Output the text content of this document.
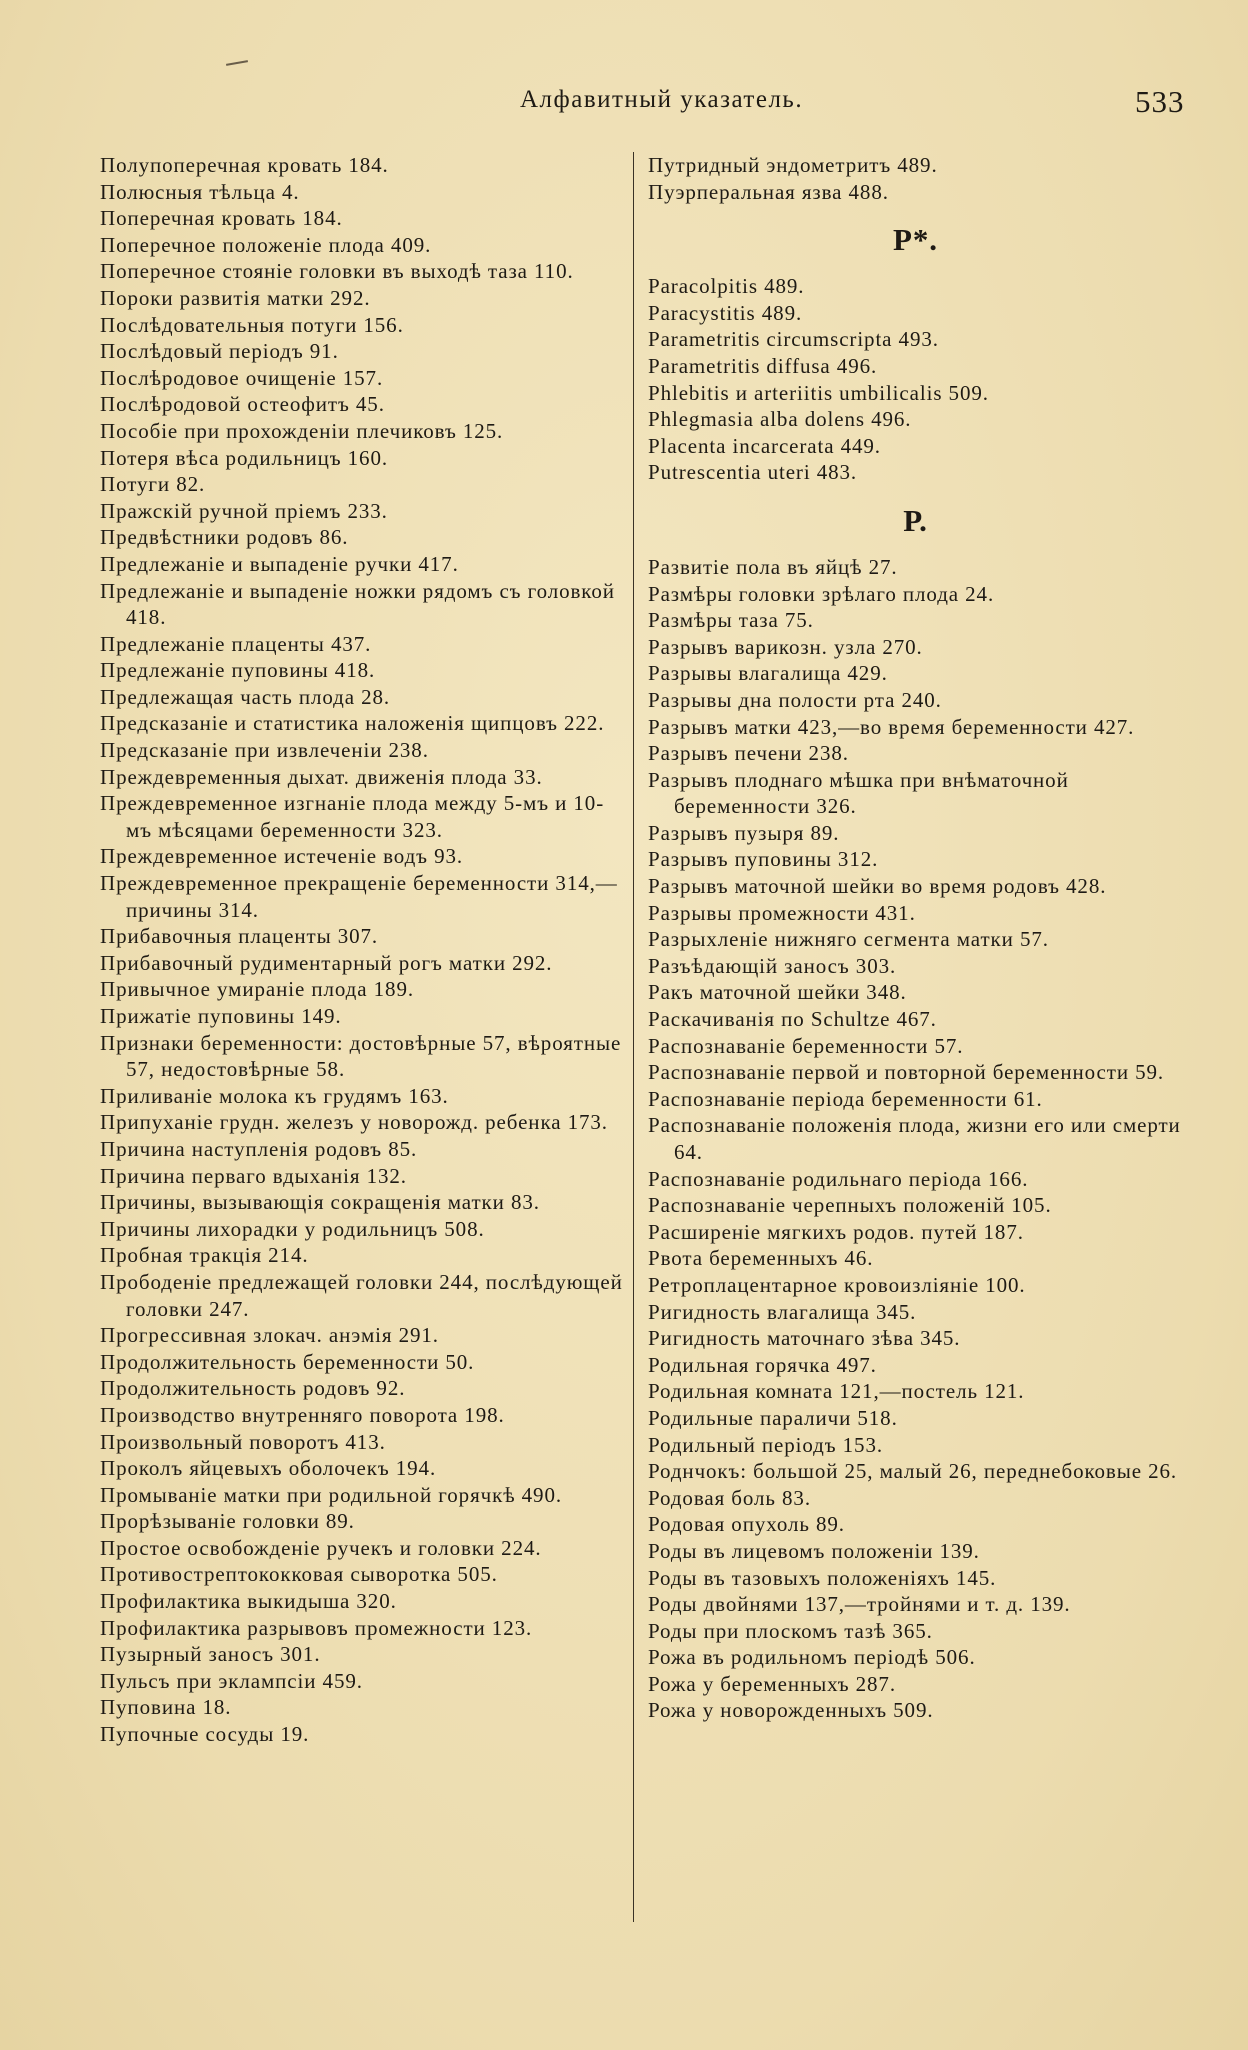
Алфавитный указатель.	533
Полупоперечная кровать 184.
Полюсныя тѣльца 4.
Поперечная кровать 184.
Поперечное положеніе плода 409.
Поперечное стояніе головки въ выходѣ таза 110.
Пороки развитія матки 292.
Послѣдовательныя потуги 156.
Послѣдовый періодъ 91.
Послѣродовое очищеніе 157.
Послѣродовой остеофитъ 45.
Пособіе при прохожденіи плечиковъ 125.
Потеря вѣса родильницъ 160.
Потуги 82.
Пражскій ручной пріемъ 233.
Предвѣстники родовъ 86.
Предлежаніе и выпаденіе ручки 417.
Предлежаніе и выпаденіе ножки рядомъ съ головкой 418.
Предлежаніе плаценты 437.
Предлежаніе пуповины 418.
Предлежащая часть плода 28.
Предсказаніе и статистика наложенія щипцовъ 222.
Предсказаніе при извлеченіи 238.
Преждевременныя дыхат. движенія плода 33.
Преждевременное изгнаніе плода между 5-мъ и 10-мъ мѣсяцами беременности 323.
Преждевременное истеченіе водъ 93.
Преждевременное прекращеніе беременности 314,—причины 314.
Прибавочныя плаценты 307.
Прибавочный рудиментарный рогъ матки 292.
Привычное умираніе плода 189.
Прижатіе пуповины 149.
Признаки беременности: достовѣрные 57, вѣроятные 57, недостовѣрные 58.
Приливаніе молока къ грудямъ 163.
Припуханіе грудн. железъ у новорожд. ребенка 173.
Причина наступленія родовъ 85.
Причина перваго вдыханія 132.
Причины, вызывающія сокращенія матки 83.
Причины лихорадки у родильницъ 508.
Пробная тракція 214.
Прободеніе предлежащей головки 244, послѣдующей головки 247.
Прогрессивная злокач. анэмія 291.
Продолжительность беременности 50.
Продолжительность родовъ 92.
Производство внутренняго поворота 198.
Произвольный поворотъ 413.
Проколъ яйцевыхъ оболочекъ 194.
Промываніе матки при родильной горячкѣ 490.
Прорѣзываніе головки 89.
Простое освобожденіе ручекъ и головки 224.
Противострептококковая сыворотка 505.
Профилактика выкидыша 320.
Профилактика разрывовъ промежности 123.
Пузырный заносъ 301.
Пульсъ при эклампсіи 459.
Пуповина 18.
Пупочные сосуды 19.
Путридный эндометритъ 489.
Пуэрперальная язва 488.
P*.
Paracolpitis 489.
Paracystitis 489.
Parametritis circumscripta 493.
Parametritis diffusa 496.
Phlebitis и arteriitis umbilicalis 509.
Phlegmasia alba dolens 496.
Placenta incarcerata 449.
Putrescentia uteri 483.
Р.
Развитіе пола въ яйцѣ 27.
Размѣры головки зрѣлаго плода 24.
Размѣры таза 75.
Разрывъ варикозн. узла 270.
Разрывы влагалища 429.
Разрывы дна полости рта 240.
Разрывъ матки 423,—во время беременности 427.
Разрывъ печени 238.
Разрывъ плоднаго мѣшка при внѣматочной беременности 326.
Разрывъ пузыря 89.
Разрывъ пуповины 312.
Разрывъ маточной шейки во время родовъ 428.
Разрывы промежности 431.
Разрыхленіе нижняго сегмента матки 57.
Разъѣдающій заносъ 303.
Ракъ маточной шейки 348.
Раскачиванія по Schultze 467.
Распознаваніе беременности 57.
Распознаваніе первой и повторной беременности 59.
Распознаваніе періода беременности 61.
Распознаваніе положенія плода, жизни его или смерти 64.
Распознаваніе родильнаго періода 166.
Распознаваніе черепныхъ положеній 105.
Расширеніе мягкихъ родов. путей 187.
Рвота беременныхъ 46.
Ретроплацентарное кровоизліяніе 100.
Ригидность влагалища 345.
Ригидность маточнаго зѣва 345.
Родильная горячка 497.
Родильная комната 121,—постель 121.
Родильные параличи 518.
Родильный періодъ 153.
Роднчокъ: большой 25, малый 26, переднебоковые 26.
Родовая боль 83.
Родовая опухоль 89.
Роды въ лицевомъ положеніи 139.
Роды въ тазовыхъ положеніяхъ 145.
Роды двойнями 137,—тройнями и т. д. 139.
Роды при плоскомъ тазѣ 365.
Рожа въ родильномъ періодѣ 506.
Рожа у беременныхъ 287.
Рожа у новорожденныхъ 509.
